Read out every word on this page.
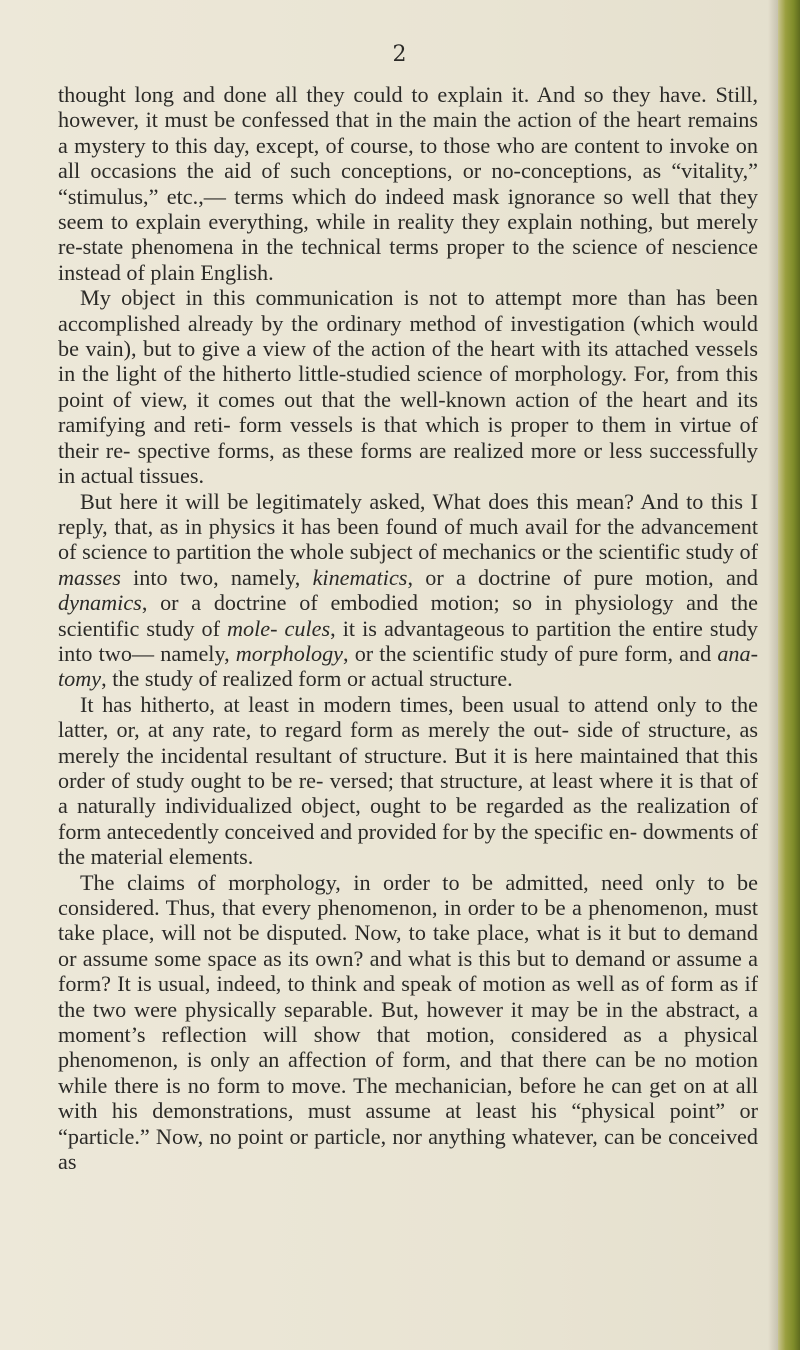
2

thought long and done all they could to explain it. And so they have. Still, however, it must be confessed that in the main the action of the heart remains a mystery to this day, except, of course, to those who are content to invoke on all occasions the aid of such conceptions, or no-conceptions, as “vitality,” “stimulus,” etc.,— terms which do indeed mask ignorance so well that they seem to explain everything, while in reality they explain nothing, but merely re-state phenomena in the technical terms proper to the science of nescience instead of plain English.

My object in this communication is not to attempt more than has been accomplished already by the ordinary method of investigation (which would be vain), but to give a view of the action of the heart with its attached vessels in the light of the hitherto little-studied science of morphology. For, from this point of view, it comes out that the well-known action of the heart and its ramifying and reti- form vessels is that which is proper to them in virtue of their re- spective forms, as these forms are realized more or less successfully in actual tissues.

But here it will be legitimately asked, What does this mean? And to this I reply, that, as in physics it has been found of much avail for the advancement of science to partition the whole subject of mechanics or the scientific study of masses into two, namely, kinematics, or a doctrine of pure motion, and dynamics, or a doctrine of embodied motion; so in physiology and the scientific study of mole- cules, it is advantageous to partition the entire study into two— namely, morphology, or the scientific study of pure form, and ana- tomy, the study of realized form or actual structure.

It has hitherto, at least in modern times, been usual to attend only to the latter, or, at any rate, to regard form as merely the out- side of structure, as merely the incidental resultant of structure. But it is here maintained that this order of study ought to be re- versed; that structure, at least where it is that of a naturally individualized object, ought to be regarded as the realization of form antecedently conceived and provided for by the specific en- dowments of the material elements.

The claims of morphology, in order to be admitted, need only to be considered. Thus, that every phenomenon, in order to be a phenomenon, must take place, will not be disputed. Now, to take place, what is it but to demand or assume some space as its own? and what is this but to demand or assume a form? It is usual, indeed, to think and speak of motion as well as of form as if the two were physically separable. But, however it may be in the abstract, a moment’s reflection will show that motion, considered as a physical phenomenon, is only an affection of form, and that there can be no motion while there is no form to move. The mechanician, before he can get on at all with his demonstrations, must assume at least his “physical point” or “particle.” Now, no point or particle, nor anything whatever, can be conceived as
